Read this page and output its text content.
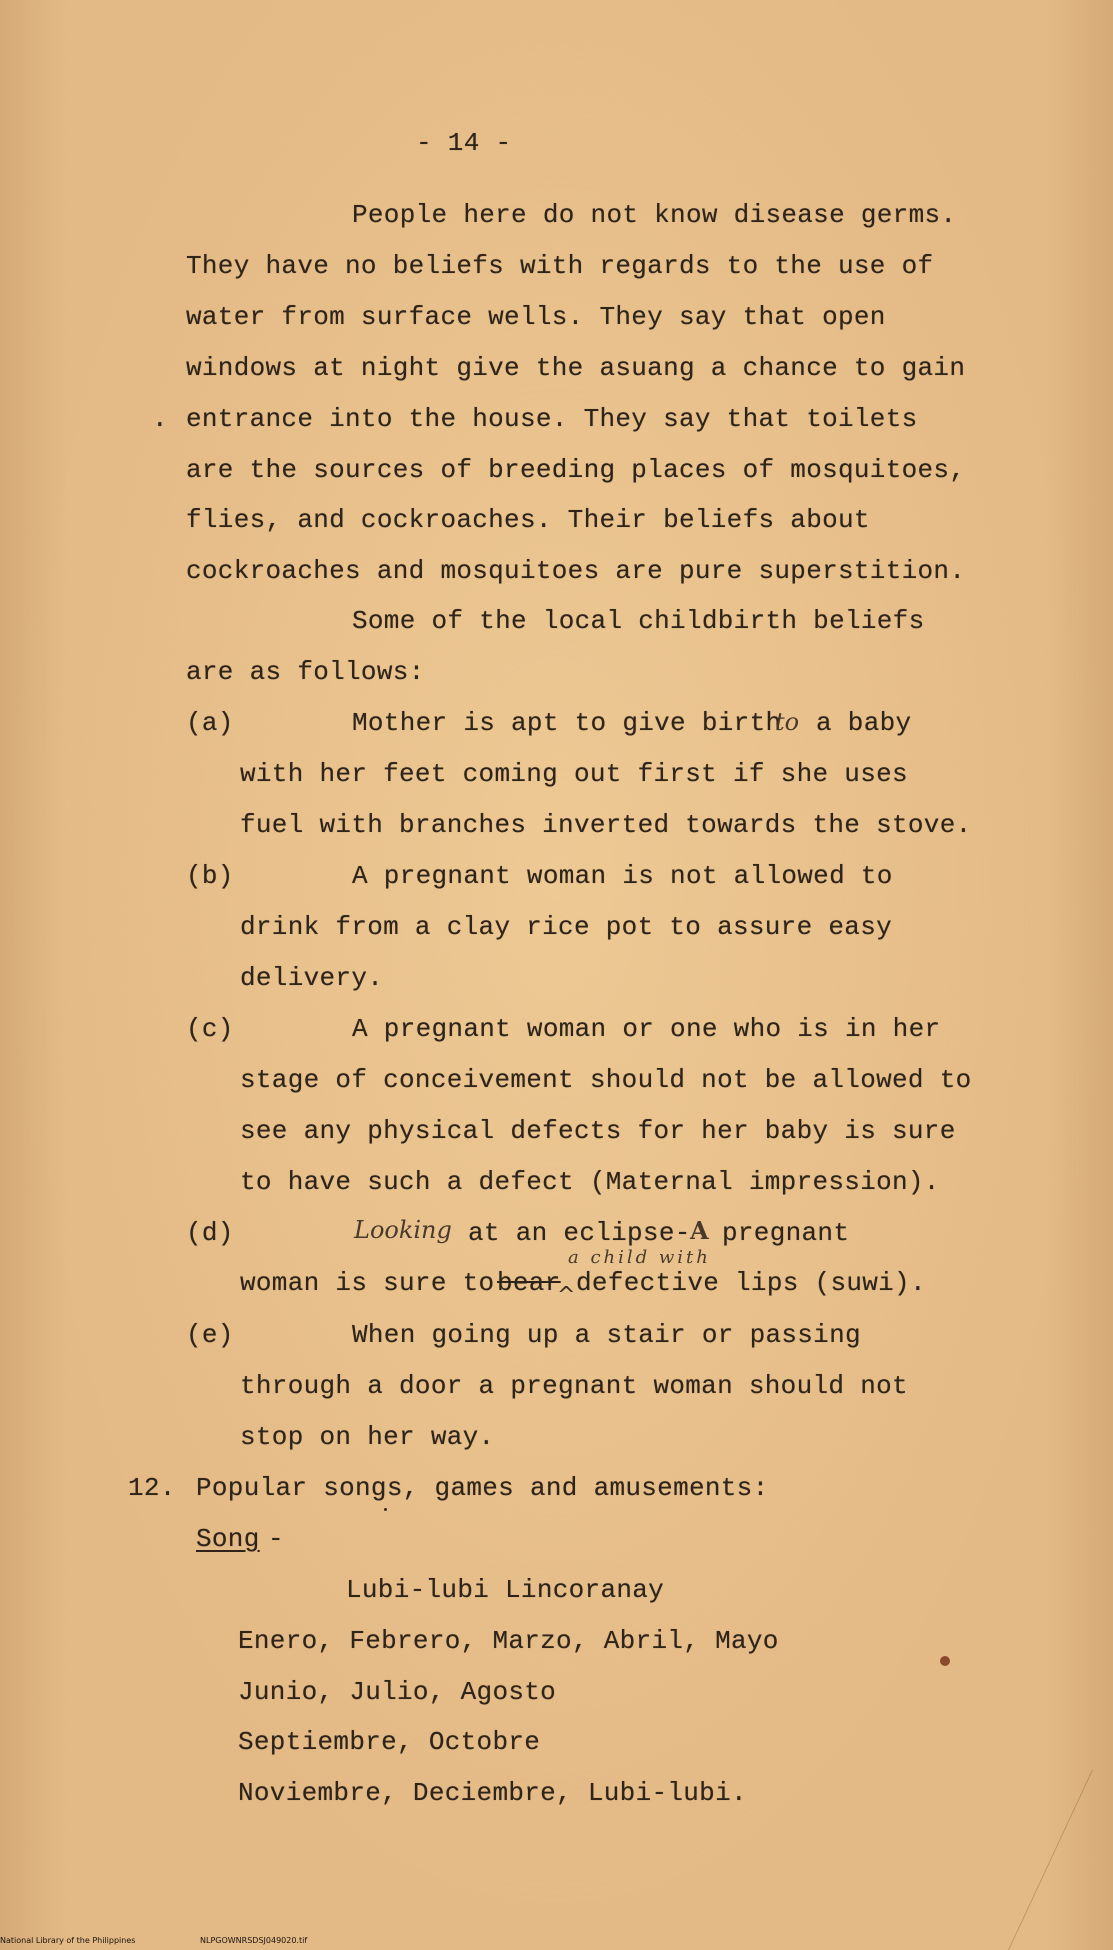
- 14 -
People here do not know disease germs.
They have no beliefs with regards to the use of
water from surface wells. They say that open
windows at night give the asuang a chance to gain
. entrance into the house. They say that toilets
are the sources of breeding places of mosquitoes,
flies, and cockroaches. Their beliefs about
cockroaches and mosquitoes are pure superstition.
Some of the local childbirth beliefs
are as follows:
(a)	Mother is apt to give birth
to a baby
with her feet coming out first if she uses
fuel with branches inverted towards the stove.
(b)	A pregnant woman is not allowed to
drink from a clay rice pot to assure easy
delivery.
(c)	A pregnant woman or one who is in her
stage of conceivement should not be allowed to
see any physical defects for her baby is sure
to have such a defect (Maternal impression).
(d)	Looking at an eclipse- A pregnant
a child with
woman is sure to bear
^ defective lips (suwi).
(e)	When going up a stair or passing
through a door a pregnant woman should not
stop on her way.
12. Popular songs, games and amusements:
Song -
Lubi-lubi Lincoranay
Enero, Febrero, Marzo, Abril, Mayo
Junio, Julio, Agosto
Septiembre, Octobre
Noviembre, Deciembre, Lubi-lubi.
National Library of the Philippines	NLPGOWNRSDSJ049020.tif
